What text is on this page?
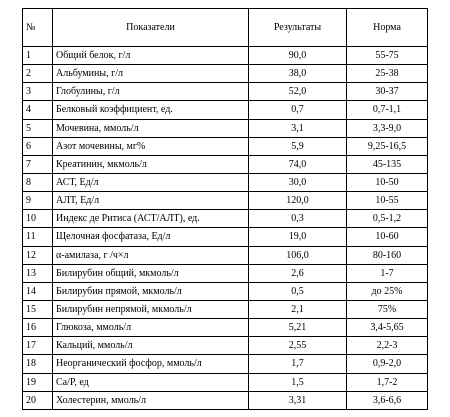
№	Показатели	Результаты	Норма
1	Общий белок, г/л	90,0	55-75
2	Альбумины, г/л	38,0	25-38
3	Глобулины, г/л	52,0	30-37
4	Белковый коэффициент, ед.	0,7	0,7-1,1
5	Мочевина, ммоль/л	3,1	3,3-9,0
6	Азот мочевины, мг%	5,9	9,25-16,5
7	Креатинин, мкмоль/л	74,0	45-135
8	АСТ, Ед/л	30,0	10-50
9	АЛТ, Ед/л	120,0	10-55
10	Индекс де Ритиса (АСТ/АЛТ), ед.	0,3	0,5-1,2
11	Щелочная фосфатаза, Ед/л	19,0	10-60
12	α-амилаза, г /ч×л	106,0	80-160
13	Билирубин общий, мкмоль/л	2,6	1-7
14	Билирубин прямой, мкмоль/л	0,5	до 25%
15	Билирубин непрямой, мкмоль/л	2,1	75%
16	Глюкоза, ммоль/л	5,21	3,4-5,65
17	Кальций, ммоль/л	2,55	2,2-3
18	Неорганический фосфор, ммоль/л	1,7	0,9-2,0
19	Ca/P, ед	1,5	1,7-2
20	Холестерин, ммоль/л	3,31	3,6-6,6
